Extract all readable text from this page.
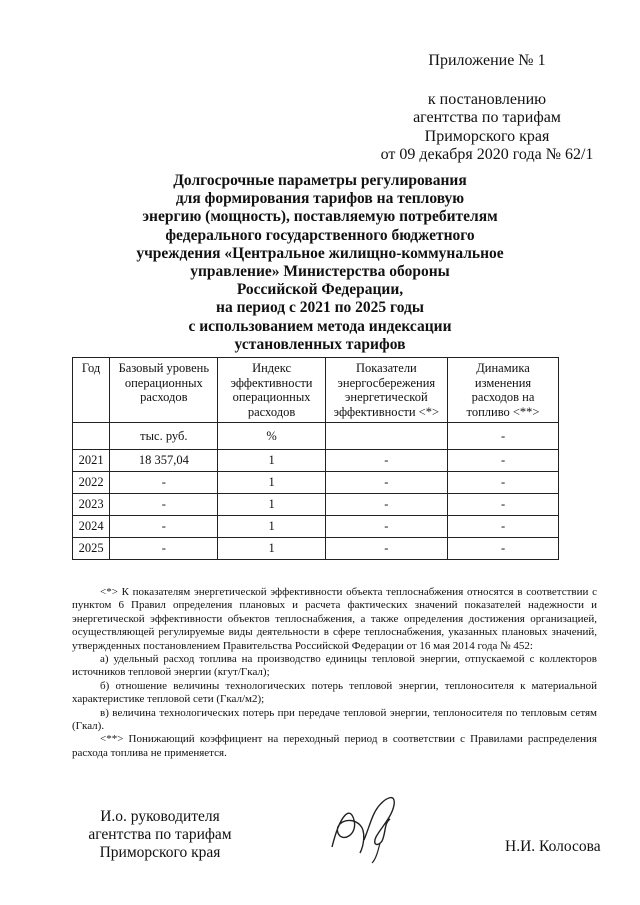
Приложение № 1
к постановлению
агентства по тарифам
Приморского края
от 09 декабря 2020 года № 62/1
Долгосрочные параметры регулирования
для формирования тарифов на тепловую
энергию (мощность), поставляемую потребителям
федерального государственного бюджетного
учреждения «Центральное жилищно-коммунальное
управление» Министерства обороны
Российской Федерации,
на период с 2021 по 2025 годы
с использованием метода индексации
установленных тарифов
Год	Базовый уровень операционных расходов	Индекс эффективности операционных расходов	Показатели энергосбережения энергетической эффективности <*>	Динамика изменения расходов на топливо <**>
	тыс. руб.	%		-
2021	18 357,04	1	-	-
2022	-	1	-	-
2023	-	1	-	-
2024	-	1	-	-
2025	-	1	-	-

<*> К показателям энергетической эффективности объекта теплоснабжения относятся в соответствии с пунктом 6 Правил определения плановых и расчета фактических значений показателей надежности и энергетической эффективности объектов теплоснабжения, а также определения достижения организацией, осуществляющей регулируемые виды деятельности в сфере теплоснабжения, указанных плановых значений, утвержденных постановлением Правительства Российской Федерации от 16 мая 2014 года № 452:

а) удельный расход топлива на производство единицы тепловой энергии, отпускаемой с коллекторов источников тепловой энергии (кгут/Гкал);

б) отношение величины технологических потерь тепловой энергии, теплоносителя к материальной характеристике тепловой сети (Гкал/м2);

в) величина технологических потерь при передаче тепловой энергии, теплоносителя по тепловым сетям (Гкал).

<**> Понижающий коэффициент на переходный период в соответствии с Правилами распределения расхода топлива не применяется.

И.о. руководителя
агентства по тарифам
Приморского края	Н.И. Колосова
